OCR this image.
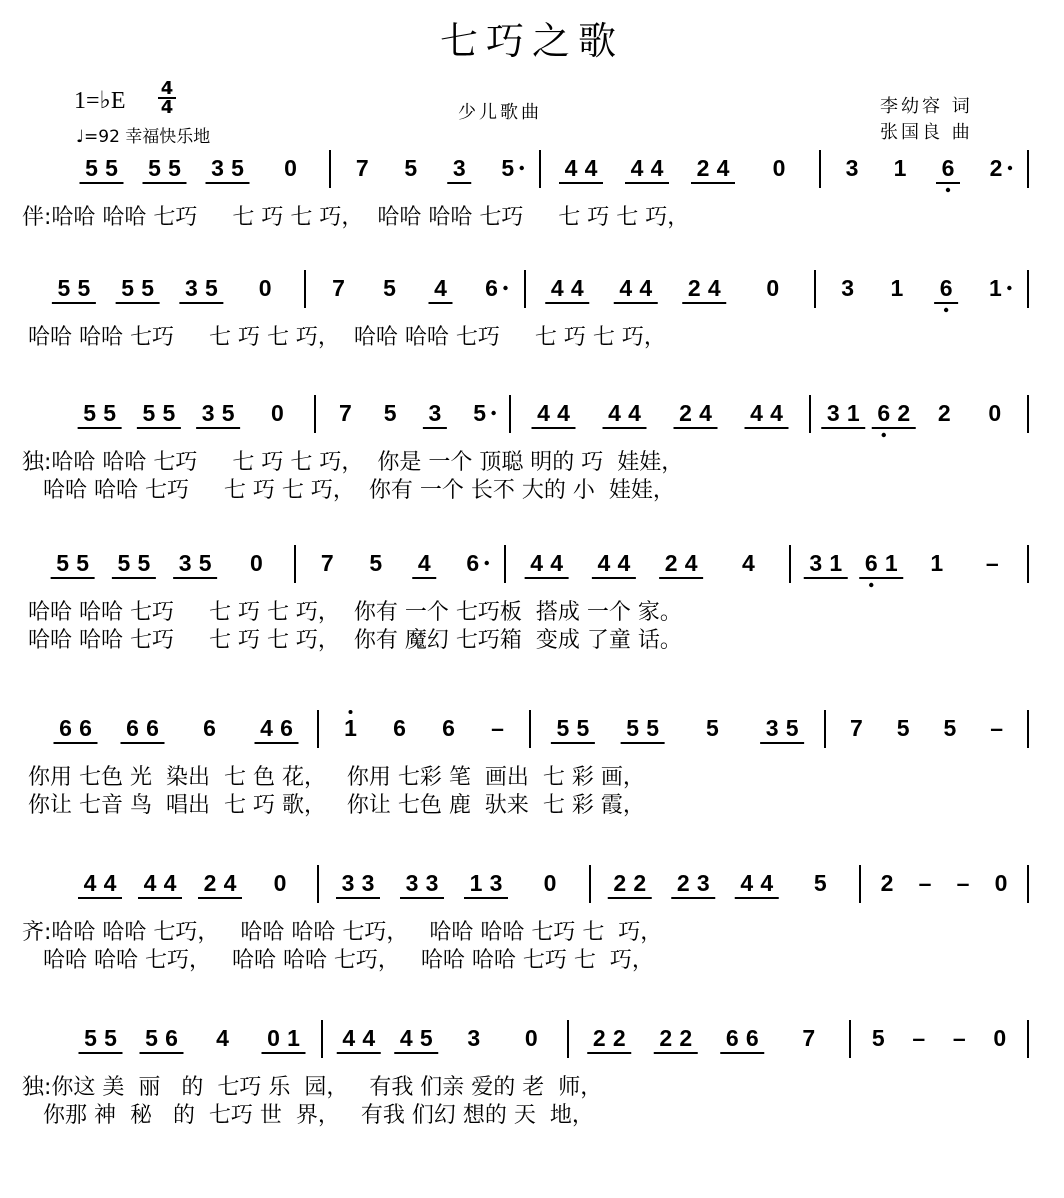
七巧之歌
1=♭E 4
4
♩=92 幸福快乐地
少儿歌曲	李幼容 词
张国良 曲
5 5 5 5 3 5 0	7 5 3 5 4 4 4 4 2 4 0	3 1 6 2
伴:哈哈 哈哈 七巧     七 巧 七 巧，  哈哈 哈哈 七巧     七 巧 七 巧，
5 5 5 5 3 5 0	7 5 4 6 4 4 4 4 2 4 0	3 1 6 1
哈哈 哈哈 七巧     七 巧 七 巧，  哈哈 哈哈 七巧     七 巧 七 巧，
5 5 5 5 3 5 0 7 5 3 5 4 4 4 4 2 4 4 4 3 1 6 2 2 0
独:哈哈 哈哈 七巧     七 巧 七 巧，  你是 一个 顶聪 明的 巧  娃娃，
哈哈 哈哈 七巧     七 巧 七 巧，  你有 一个 长不 大的 小  娃娃，
5 5 5 5 3 5 0	7 5 4 6 4 4 4 4 2 4 4 3 1 6 1 1 –
哈哈 哈哈 七巧     七 巧 七 巧，  你有 一个 七巧板  搭成 一个 家。
哈哈 哈哈 七巧     七 巧 七 巧，  你有 魔幻 七巧箱  变成 了童 话。
6 6 6 6 6 4 6 1 6 6 – 5 5 5 5 5 3 5 7 5 5 –
你用 七色 光  染出  七 色 花，   你用 七彩 笔  画出  七 彩 画，
你让 七音 鸟  唱出  七 巧 歌，   你让 七色 鹿  驮来  七 彩 霞，
4 4 4 4 2 4 0 3 3 3 3 1 3 0 2 2 2 3 4 4 5 2 – – 0
齐:哈哈 哈哈 七巧，   哈哈 哈哈 七巧，   哈哈 哈哈 七巧 七  巧，
哈哈 哈哈 七巧，   哈哈 哈哈 七巧，   哈哈 哈哈 七巧 七  巧，
5 5 5 6 4 0 1 4 4 4 5 3 0 2 2 2 2 6 6 7 5 – – 0
独:你这 美  丽   的  七巧 乐  园，   有我 们亲 爱的 老  师，
你那 神  秘   的  七巧 世  界，   有我 们幻 想的 天  地，
